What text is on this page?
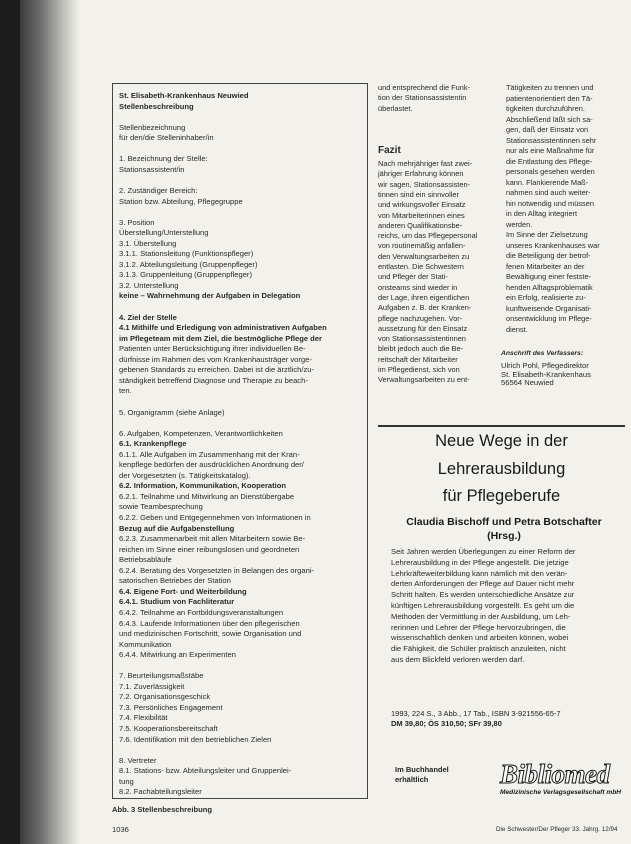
St. Elisabeth-Krankenhaus Neuwied
Stellenbeschreibung
Stellenbezeichnung
für den/die Stelleninhaber/in
1. Bezeichnung der Stelle:
Stationsassistent/in
2. Zuständiger Bereich:
Station bzw. Abteilung, Pflegegruppe
3. Position
Überstellung/Unterstellung
3.1. Überstellung
3.1.1. Stationsleitung (Funktionspfleger)
3.1.2. Abteilungsleitung (Gruppenpfleger)
3.1.3. Gruppenleitung (Gruppenpfleger)
3.2. Unterstellung
keine – Wahrnehmung der Aufgaben in Delegation
4. Ziel der Stelle
4.1 Mithilfe und Erledigung von administrativen Aufgaben
im Pflegeteam mit dem Ziel, die bestmögliche Pflege der
Patienten unter Berücksichtigung ihrer individuellen Be-
dürfnisse im Rahmen des vom Krankenhausträger vorge-
gebenen Standards zu erreichen. Dabei ist die ärztlich/zu-
ständigkeit betreffend Diagnose und Therapie zu beach-
ten.
5. Organigramm (siehe Anlage)
6. Aufgaben, Kompetenzen, Verantwortlichkeiten
6.1. Krankenpflege
6.1.1. Alle Aufgaben im Zusammenhang mit der Kran-
kenpflege bedürfen der ausdrücklichen Anordnung der/
der Vorgesetzten (s. Tätigkeitskatalog).
6.2. Information, Kommunikation, Kooperation
6.2.1. Teilnahme und Mitwirkung an Dienstübergabe
sowie Teambesprechung
6.2.2. Geben und Entgegennehmen von Informationen in
Bezug auf die Aufgabenstellung
6.2.3. Zusammenarbeit mit allen Mitarbeitern sowie Be-
reichen im Sinne einer reibungslosen und geordneten
Betriebsabläufe
6.2.4. Beratung des Vorgesetzten in Belangen des organi-
satorischen Betriebes der Station
6.4. Eigene Fort- und Weiterbildung
6.4.1. Studium von Fachliteratur
6.4.2. Teilnahme an Fortbildungsveranstaltungen
6.4.3. Laufende Informationen über den pflegerischen
und medizinischen Fortschritt, sowie Organisation und
Kommunikation
6.4.4. Mitwirkung an Experimenten
7. Beurteilungsmaßstäbe
7.1. Zuverlässigkeit
7.2. Organisationsgeschick
7.3. Persönliches Engagement
7.4. Flexibilität
7.5. Kooperationsbereitschaft
7.6. Identifikation mit den betrieblichen Zielen
8. Vertreter
8.1. Stations- bzw. Abteilungsleiter und Gruppenlei-
tung
8.2. Fachabteilungsleiter
Abb. 3 Stellenbeschreibung
1036
und entsprechend die Funk-
tion der Stationsassistentin
überlastet.
Nach mehrjähriger fast zwei-
jähriger Erfahrung können
wir sagen, Stationsassisten-
tinnen sind ein sinnvoller
und wirkungsvoller Einsatz
von Mitarbeiterinnen eines
anderen Qualifikationsbe-
reichs, um das Pflegepersonal
von routinemäßig anfallen-
den Verwaltungsarbeiten zu
entlasten. Die Schwestern
und Pfleger der Stati-
onsteams sind wieder in
der Lage, ihren eigentlichen
Aufgaben z. B. der Kranken-
pflege nachzugehen. Vor-
aussetzung für den Einsatz
von Stationsassistentinnen
bleibt jedoch auch die Be-
reitschaft der Mitarbeiter
im Pflegedienst, sich von
Verwaltungsarbeiten zu ent-
Fazit
Tätigkeiten zu trennen und
patientenorientiert den Tä-
tigkeiten durchzuführen.
Abschließend läßt sich sa-
gen, daß der Einsatz von
Stationsassistentinnen sehr
nur als eine Maßnahme für
die Entlastung des Pflege-
personals gesehen werden
kann. Flankierende Maß-
nahmen sind auch weiter-
hin notwendig und müssen
in den Alltag integriert
werden.
Im Sinne der Zielsetzung
unseres Krankenhauses war
die Beteiligung der betrof-
fenen Mitarbeiter an der
Bewältigung einer festste-
henden Alltagsproblematik
ein Erfolg, realisierte zu-
kunftweisende Organisati-
onsentwicklung im Pflege-
dienst.
Anschrift des Verfassers:
Ulrich Pohl, Pflegedirektor
St. Elisabeth-Krankenhaus
56564 Neuwied
Neue Wege in der
Lehrerausbildung
für Pflegeberufe
Claudia Bischoff und Petra Botschafter
(Hrsg.)
Seit Jahren werden Überlegungen zu einer Reform der
Lehrerausbildung in der Pflege angestellt. Die jetzige
Lehrkräfteweiterbildung kann nämlich mit den verän-
derten Anforderungen der Pflege auf Dauer nicht mehr
Schritt halten. Es werden unterschiedliche Ansätze zur
künftigen Lehrerausbildung vorgestellt. Es geht um die
Methoden der Vermittlung in der Ausbildung, um Leh-
rerinnen und Lehrer der Pflege hervorzubringen, die
wissenschaftlich denken und arbeiten können, wobei
die Fähigkeit, die Schüler praktisch anzuleiten, nicht
aus dem Blickfeld verloren werden darf.
1993, 224 S., 3 Abb., 17 Tab., ISBN 3-921556-65-7
DM 39,80; ÖS 310,50; SFr 39,80
Im Buchhandel
erhältlich	Bibliomed
Medizinische Verlagsgesellschaft mbH
Die Schwester/Der Pfleger 33. Jahrg. 12/94
